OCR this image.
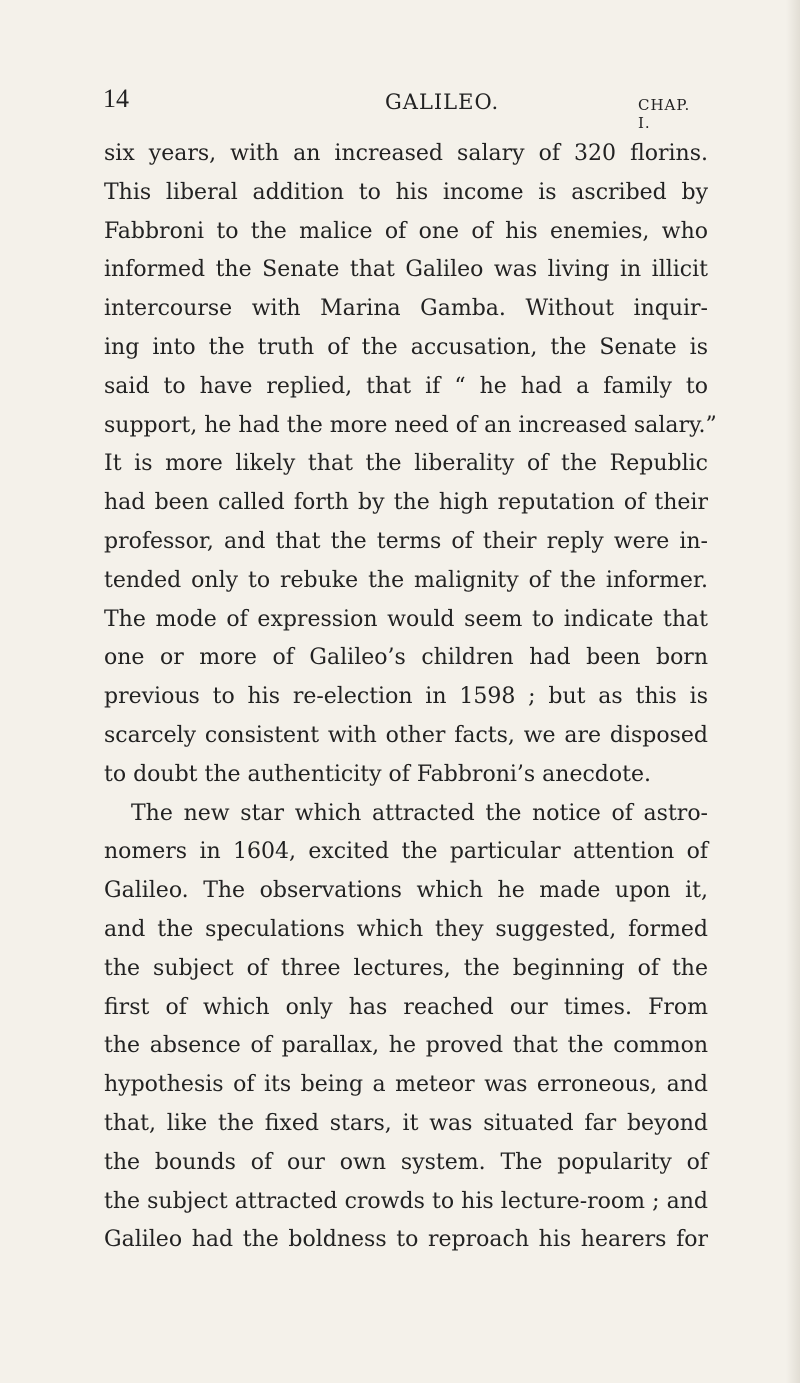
14	GALILEO.	CHAP. I.
six years, with an increased salary of 320 florins.
This liberal addition to his income is ascribed by
Fabbroni to the malice of one of his enemies, who
informed the Senate that Galileo was living in illicit
intercourse with Marina Gamba. Without inquir-
ing into the truth of the accusation, the Senate is
said to have replied, that if “ he had a family to
support, he had the more need of an increased salary.”
It is more likely that the liberality of the Republic
had been called forth by the high reputation of their
professor, and that the terms of their reply were in-
tended only to rebuke the malignity of the informer.
The mode of expression would seem to indicate that
one or more of Galileo’s children had been born
previous to his re-election in 1598 ; but as this is
scarcely consistent with other facts, we are disposed
to doubt the authenticity of Fabbroni’s anecdote.
The new star which attracted the notice of astro-
nomers in 1604, excited the particular attention of
Galileo. The observations which he made upon it,
and the speculations which they suggested, formed
the subject of three lectures, the beginning of the
first of which only has reached our times. From
the absence of parallax, he proved that the common
hypothesis of its being a meteor was erroneous, and
that, like the fixed stars, it was situated far beyond
the bounds of our own system. The popularity of
the subject attracted crowds to his lecture-room ; and
Galileo had the boldness to reproach his hearers for
